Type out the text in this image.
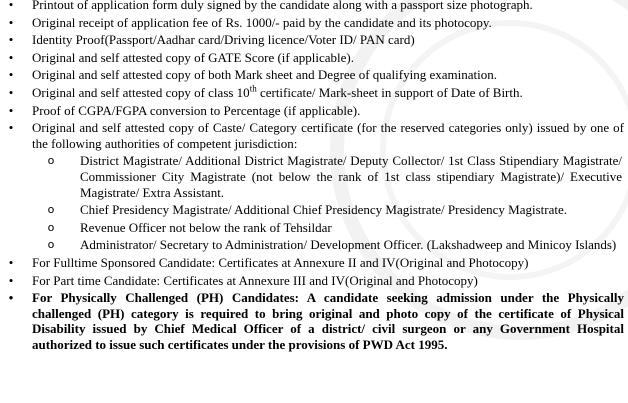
•	Printout of application form duly signed by the candidate along with a passport size photograph.
•	Original receipt of application fee of Rs. 1000/- paid by the candidate and its photocopy.
•	Identity Proof(Passport/Aadhar card/Driving licence/Voter ID/ PAN card)
•	Original and self attested copy of GATE Score (if applicable).
•	Original and self attested copy of both Mark sheet and Degree of qualifying examination.
•	Original and self attested copy of class 10th certificate/ Mark-sheet in support of Date of Birth.
•	Proof of CGPA/FGPA conversion to Percentage (if applicable).
•	Original and self attested copy of Caste/ Category certificate (for the reserved categories only) issued by one of the following authorities of competent jurisdiction:
o District Magistrate/ Additional District Magistrate/ Deputy Collector/ 1st Class Stipendiary Magistrate/ Commissioner City Magistrate (not below the rank of 1st class stipendiary Magistrate)/ Executive Magistrate/ Extra Assistant.
o Chief Presidency Magistrate/ Additional Chief Presidency Magistrate/ Presidency Magistrate.
o Revenue Officer not below the rank of Tehsildar
o Administrator/ Secretary to Administration/ Development Officer. (Lakshadweep and Minicoy Islands)
•	For Fulltime Sponsored Candidate: Certificates at Annexure II and IV(Original and Photocopy)
•	For Part time Candidate: Certificates at Annexure III and IV(Original and Photocopy)
•	For Physically Challenged (PH) Candidates: A candidate seeking admission under the Physically challenged (PH) category is required to bring original and photo copy of the certificate of Physical Disability issued by Chief Medical Officer of a district/ civil surgeon or any Government Hospital authorized to issue such certificates under the provisions of PWD Act 1995.
